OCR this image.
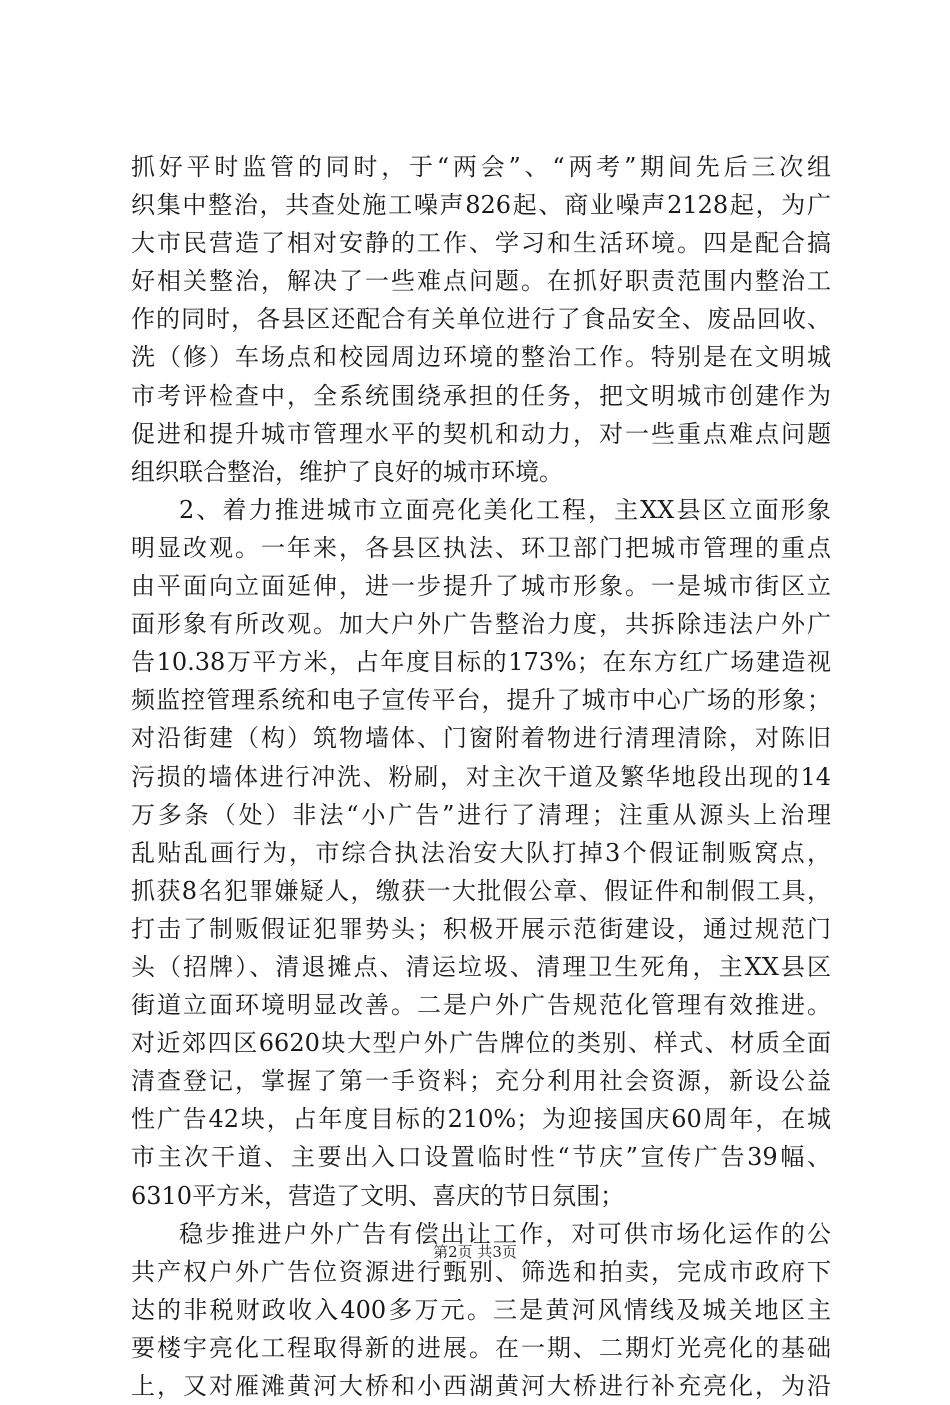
抓好平时监管的同时，于“两会”、“两考”期间先后三次组
织集中整治，共查处施工噪声826起、商业噪声2128起，为广
大市民营造了相对安静的工作、学习和生活环境。四是配合搞
好相关整治，解决了一些难点问题。在抓好职责范围内整治工
作的同时，各县区还配合有关单位进行了食品安全、废品回收、
洗（修）车场点和校园周边环境的整治工作。特别是在文明城
市考评检查中，全系统围绕承担的任务，把文明城市创建作为
促进和提升城市管理水平的契机和动力，对一些重点难点问题
组织联合整治，维护了良好的城市环境。
2、着力推进城市立面亮化美化工程，主XX县区立面形象
明显改观。一年来，各县区执法、环卫部门把城市管理的重点
由平面向立面延伸，进一步提升了城市形象。一是城市街区立
面形象有所改观。加大户外广告整治力度，共拆除违法户外广
告10.38万平方米，占年度目标的173%；在东方红广场建造视
频监控管理系统和电子宣传平台，提升了城市中心广场的形象；
对沿街建（构）筑物墙体、门窗附着物进行清理清除，对陈旧
污损的墙体进行冲洗、粉刷，对主次干道及繁华地段出现的14
万多条（处）非法“小广告”进行了清理；注重从源头上治理
乱贴乱画行为，市综合执法治安大队打掉3个假证制贩窝点，
抓获8名犯罪嫌疑人，缴获一大批假公章、假证件和制假工具，
打击了制贩假证犯罪势头；积极开展示范街建设，通过规范门
头（招牌）、清退摊点、清运垃圾、清理卫生死角，主XX县区
街道立面环境明显改善。二是户外广告规范化管理有效推进。
对近郊四区6620块大型户外广告牌位的类别、样式、材质全面
清查登记，掌握了第一手资料；充分利用社会资源，新设公益
性广告42块，占年度目标的210%；为迎接国庆60周年，在城
市主次干道、主要出入口设置临时性“节庆”宣传广告39幅、
6310平方米，营造了文明、喜庆的节日氛围；
稳步推进户外广告有偿出让工作，对可供市场化运作的公
共产权户外广告位资源进行甄别、筛选和拍卖，完成市政府下
达的非税财政收入400多万元。三是黄河风情线及城关地区主
要楼宇亮化工程取得新的进展。在一期、二期灯光亮化的基础
上，又对雁滩黄河大桥和小西湖黄河大桥进行补充亮化，为沿
第2页 共3页
